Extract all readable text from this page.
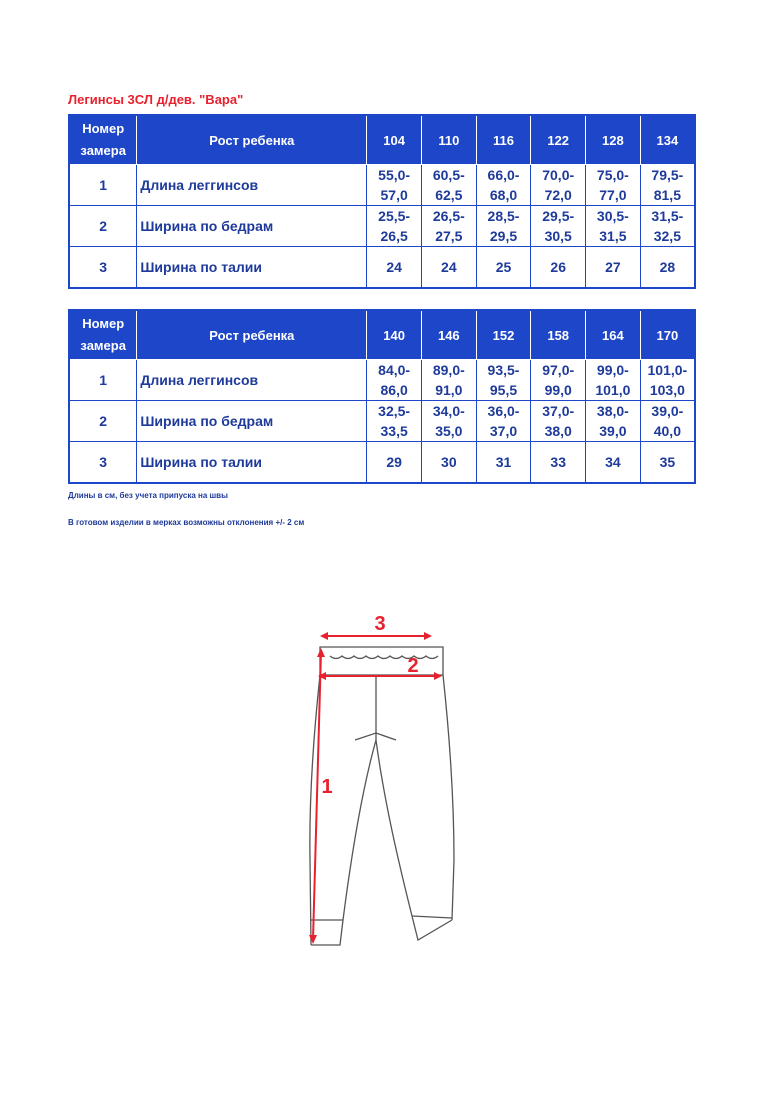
Легинсы 3СЛ д/дев. "Вара"

Номер замера	Рост ребенка	104	110	116	122	128	134
1	Длина леггинсов	55,0-57,0	60,5-62,5	66,0-68,0	70,0-72,0	75,0-77,0	79,5-81,5
2	Ширина по бедрам	25,5-26,5	26,5-27,5	28,5-29,5	29,5-30,5	30,5-31,5	31,5-32,5
3	Ширина по талии	24	24	25	26	27	28
Номер замера	Рост ребенка	140	146	152	158	164	170
1	Длина леггинсов	84,0-86,0	89,0-91,0	93,5-95,5	97,0-99,0	99,0-101,0	101,0-103,0
2	Ширина по бедрам	32,5-33,5	34,0-35,0	36,0-37,0	37,0-38,0	38,0-39,0	39,0-40,0
3	Ширина по талии	29	30	31	33	34	35

Длины в см, без учета припуска на швы

В готовом изделии в мерках возможны отклонения +/- 2 см

3
2
1
